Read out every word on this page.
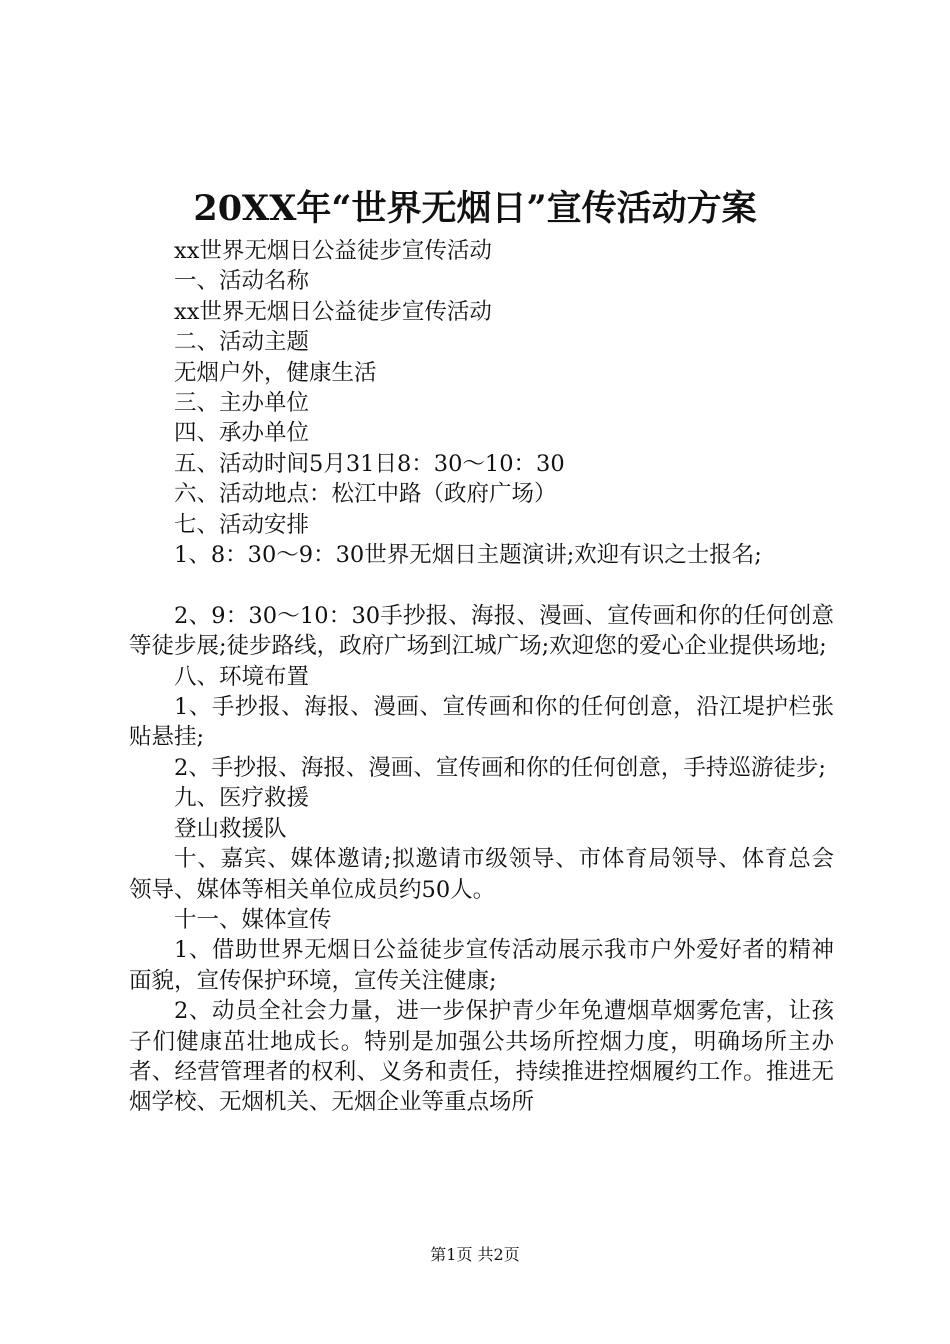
20XX年“世界无烟日”宣传活动方案

xx世界无烟日公益徒步宣传活动

一、活动名称

xx世界无烟日公益徒步宣传活动

二、活动主题

无烟户外，健康生活

三、主办单位

四、承办单位

五、活动时间5月31日8：30～10：30

六、活动地点：松江中路（政府广场）

七、活动安排

1、8：30～9：30世界无烟日主题演讲;欢迎有识之士报名;

2、9：30～10：30手抄报、海报、漫画、宣传画和你的任何创意等徒步展;徒步路线，政府广场到江城广场;欢迎您的爱心企业提供场地;

八、环境布置

1、手抄报、海报、漫画、宣传画和你的任何创意，沿江堤护栏张贴悬挂;

2、手抄报、海报、漫画、宣传画和你的任何创意，手持巡游徒步;

九、医疗救援

登山救援队

十、嘉宾、媒体邀请;拟邀请市级领导、市体育局领导、体育总会领导、媒体等相关单位成员约50人。

十一、媒体宣传

1、借助世界无烟日公益徒步宣传活动展示我市户外爱好者的精神面貌，宣传保护环境，宣传关注健康;

2、动员全社会力量，进一步保护青少年免遭烟草烟雾危害，让孩子们健康茁壮地成长。特别是加强公共场所控烟力度，明确场所主办者、经营管理者的权利、义务和责任，持续推进控烟履约工作。推进无烟学校、无烟机关、无烟企业等重点场所

第1页 共2页
